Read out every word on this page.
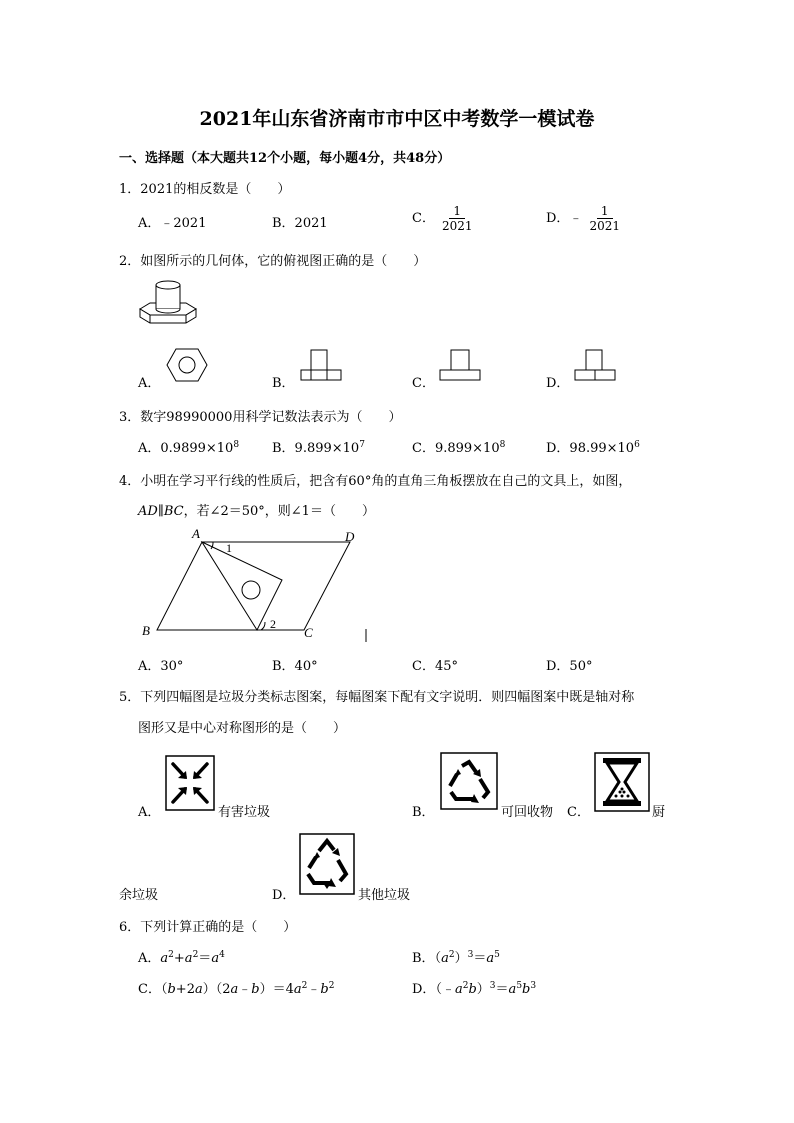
2021年山东省济南市市中区中考数学一模试卷
一、选择题（本大题共12个小题，每小题4分，共48分）
1．2021的相反数是（　　）
A．﹣2021	B．2021	C． $\frac{1}{2021}$	D．﹣ $\frac{1}{2021}$
2．如图所示的几何体，它的俯视图正确的是（　　）
A．	B．	C．	D．
3．数字98990000用科学记数法表示为（　　）
A．$0.9899\times 10^8$	B．$9.899\times 10^7$	C．$9.899\times 10^8$	D．$98.99\times 10^6$
4．小明在学习平行线的性质后，把含有60°角的直角三角板摆放在自己的文具上，如图，
AD∥BC，若∠2＝50°，则∠1＝（　　）
A	D
B	C
1
2
A．30°	B．40°	C．45°	D．50°
5．下列四幅图是垃圾分类标志图案，每幅图案下配有文字说明．则四幅图案中既是轴对称
图形又是中心对称图形的是（　　）
A．	有害垃圾	B．	可回收物 C．	厨
余垃圾	D．	其他垃圾
6．下列计算正确的是（　　）
A．$a^2+a^2=a^4$	B．$(a^2)^3=a^5$
C．$(b+2a)(2a﹣b)=4a^2﹣b^2$	D．$(﹣a^2b)^3=a^5b^3$
